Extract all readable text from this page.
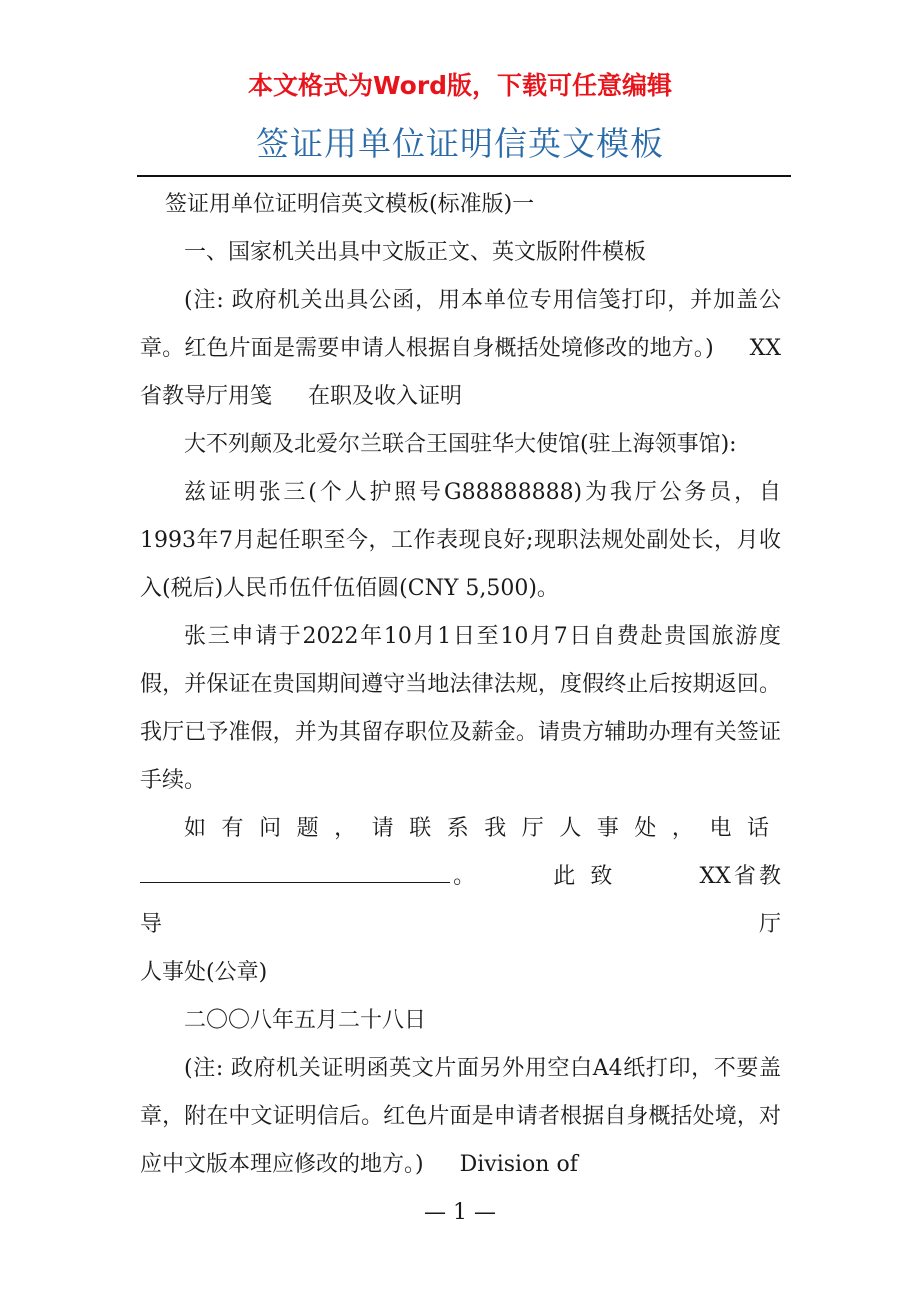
本文格式为Word版，下载可任意编辑
签证用单位证明信英文模板

签证用单位证明信英文模板(标准版)一

一、国家机关出具中文版正文、英文版附件模板

(注: 政府机关出具公函，用本单位专用信笺打印，并加盖公章。红色片面是需要申请人根据自身概括处境修改的地方。) XX省教导厅用笺 在职及收入证明

大不列颠及北爱尔兰联合王国驻华大使馆(驻上海领事馆):

兹证明张三(个人护照号G88888888)为我厅公务员，自1993年7月起任职至今，工作表现良好;现职法规处副处长，月收入(税后)人民币伍仟伍佰圆(CNY 5,500)。

张三申请于2022年10月1日至10月7日自费赴贵国旅游度假，并保证在贵国期间遵守当地法律法规，度假终止后按期返回。我厅已予准假，并为其留存职位及薪金。请贵方辅助办理有关签证手续。

如有问题，请联系我厅人事处，电话

。	此致	XX省教导厅

人事处(公章)

二〇〇八年五月二十八日

(注: 政府机关证明函英文片面另外用空白A4纸打印，不要盖章，附在中文证明信后。红色片面是申请者根据自身概括处境，对应中文版本理应修改的地方。) Division of

— 1 —
